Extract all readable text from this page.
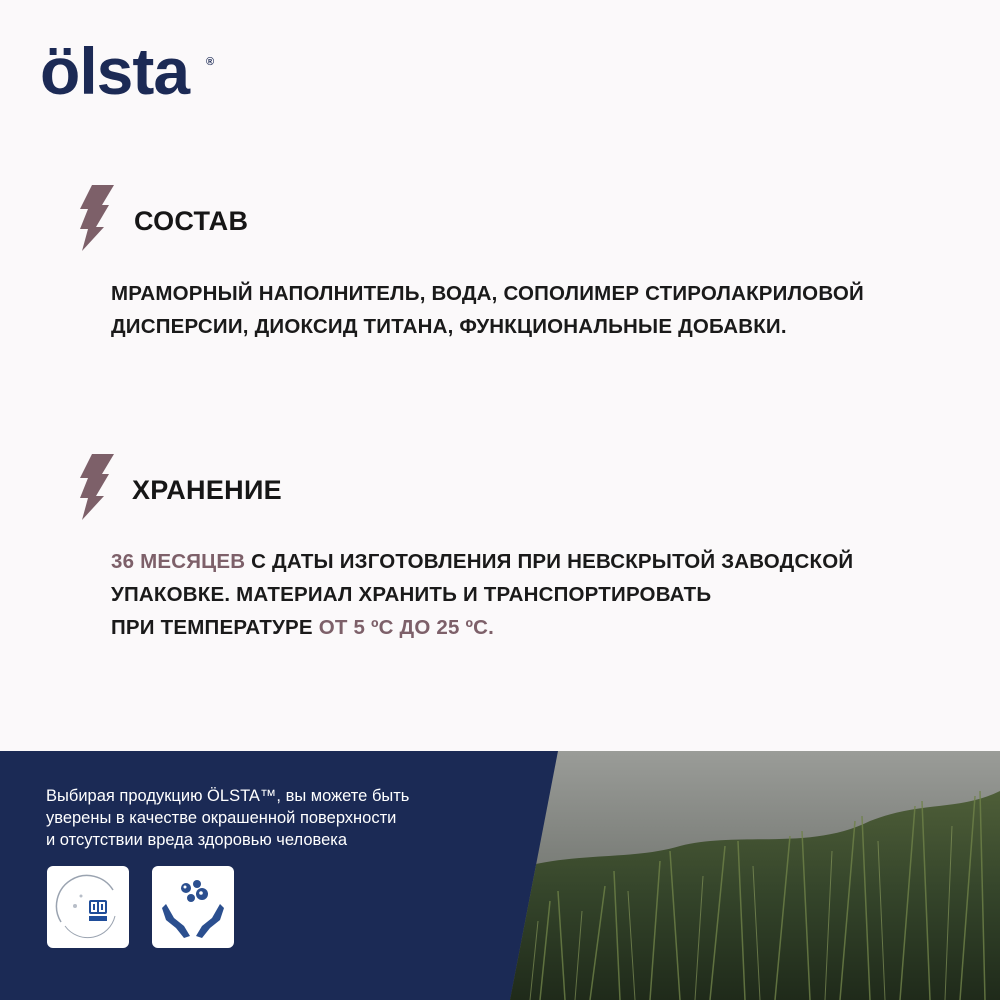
ölsta ®
СОСТАВ
МРАМОРНЫЙ НАПОЛНИТЕЛЬ, ВОДА, СОПОЛИМЕР СТИРОЛАКРИЛОВОЙ ДИСПЕРСИИ, ДИОКСИД ТИТАНА, ФУНКЦИОНАЛЬНЫЕ ДОБАВКИ.
ХРАНЕНИЕ
36 МЕСЯЦЕВ С ДАТЫ ИЗГОТОВЛЕНИЯ ПРИ НЕВСКРЫТОЙ ЗАВОДСКОЙ УПАКОВКЕ. МАТЕРИАЛ ХРАНИТЬ И ТРАНСПОРТИРОВАТЬ
ПРИ ТЕМПЕРАТУРЕ ОТ 5 ºС ДО 25 ºС.
Выбирая продукцию ÖLSTA™, вы можете быть
уверены в качестве окрашенной поверхности
и отсутствии вреда здоровью человека
